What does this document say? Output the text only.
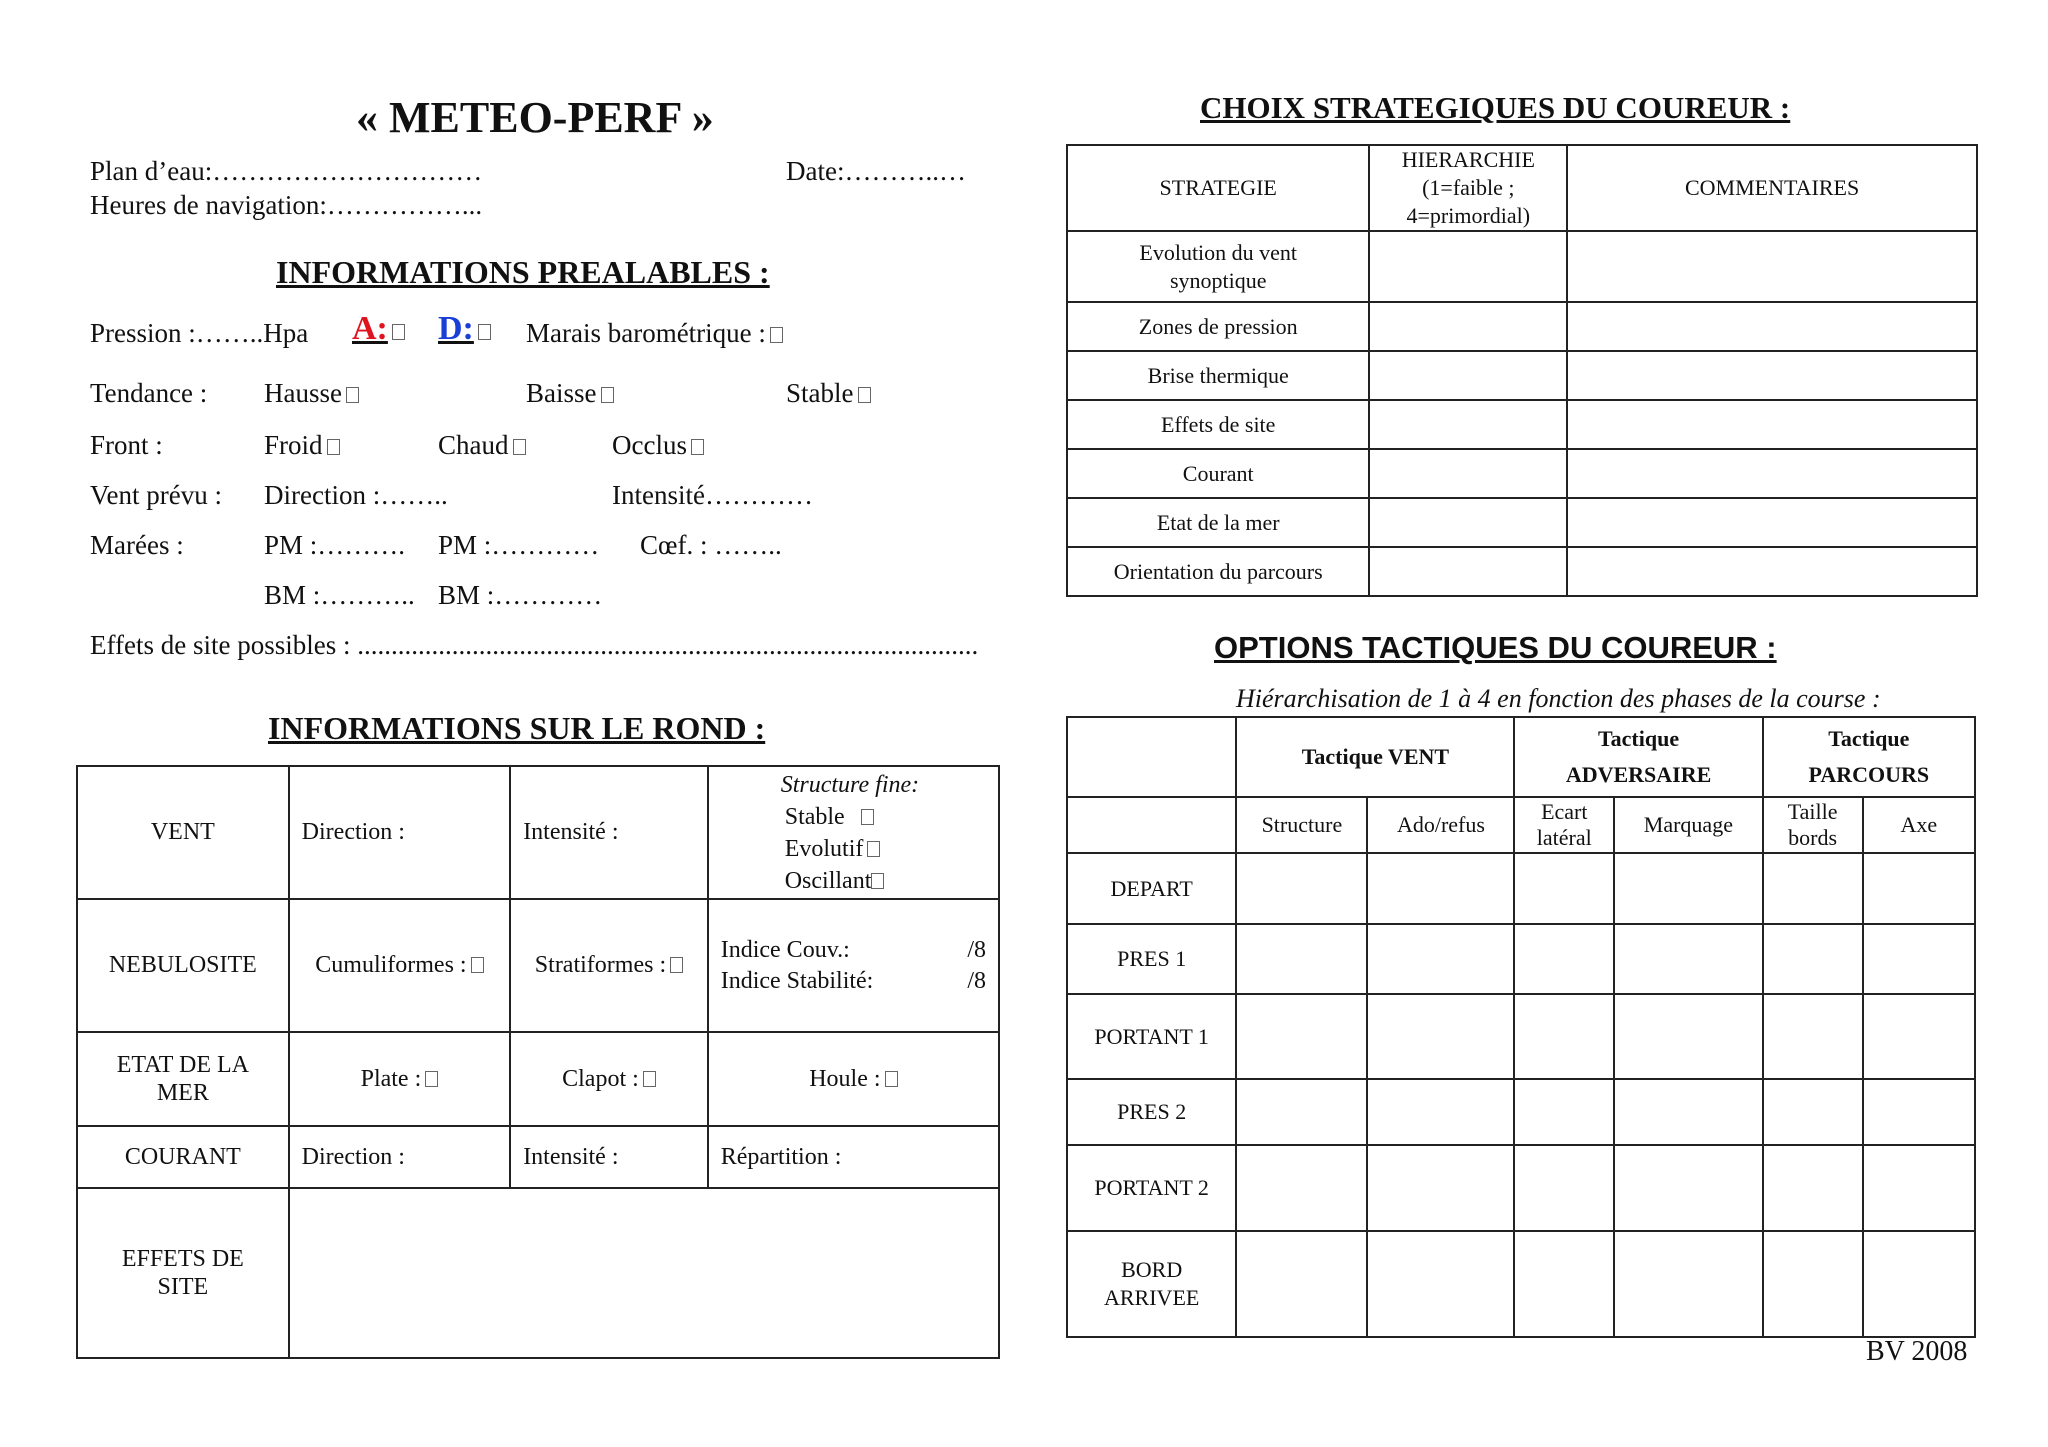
« METEO-PERF »
Plan d’eau:…………………………	Date:………..…
Heures de navigation:……………...
INFORMATIONS PREALABLES :
Pression :……..Hpa A:	D:	Marais barométrique :
Tendance : Hausse	Baisse	Stable
Front :	Froid	Chaud	Occlus
Vent prévu : Direction :……..	Intensité…………
Marées :	PM :………. PM :………… Cœf. : ……..
BM :……….. BM :…………
Effets de site possibles : ............................................................................................
INFORMATIONS SUR LE ROND :
VENT	Direction :	Intensité :	Structure fine:
Stable
Evolutif
Oscillant

NEBULOSITE	Cumuliformes :	Stratiformes :	Indice Couv.: /8
Indice Stabilité: /8

ETAT DE LA MER	Plate :	Clapot :	Houle :
COURANT	Direction :	Intensité :	Répartition :
EFFETS DE SITE			
CHOIX STRATEGIQUES DU COUREUR :
STRATEGIE	HIERARCHIE (1=faible ; 4=primordial)	COMMENTAIRES
Evolution du vent synoptique		
Zones de pression		
Brise thermique		
Effets de site		
Courant		
Etat de la mer		
Orientation du parcours		
OPTIONS TACTIQUES DU COUREUR :
Hiérarchisation de 1 à 4 en fonction des phases de la course :
	Tactique VENT		Tactique ADVERSAIRE		Tactique PARCOURS	
	Structure	Ado/refus	Ecart latéral	Marquage	Taille bords	Axe
DEPART						
PRES 1						
PORTANT 1						
PRES 2						
PORTANT 2						
BORD ARRIVEE						
BV 2008
